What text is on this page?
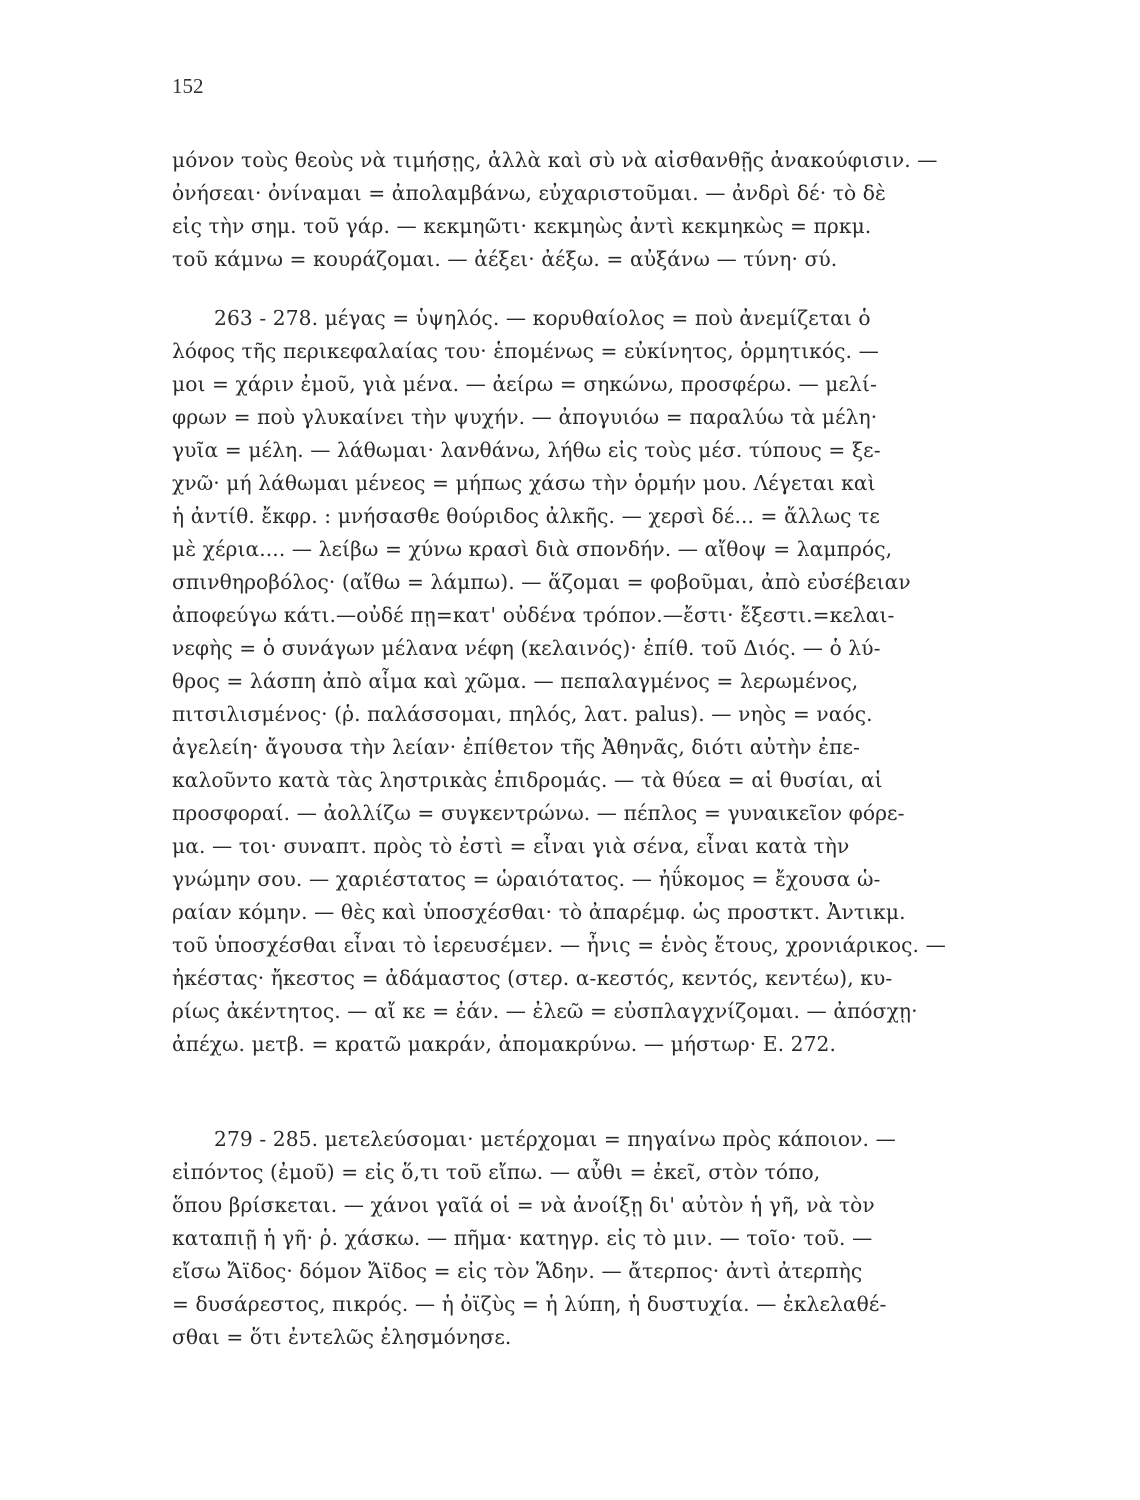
152
μόνον τοὺς θεοὺς νὰ τιμήσῃς, ἀλλὰ καὶ σὺ νὰ αἰσθανθῇς ἀνακούφισιν. —
ὀνήσεαι· ὀνίναμαι = ἀπολαμβάνω, εὐχαριστοῦμαι. — ἀνδρὶ δέ· τὸ δὲ
εἰς τὴν σημ. τοῦ γάρ. — κεκμηῶτι· κεκμηὼς ἀντὶ κεκμηκὼς = πρκμ.
τοῦ κάμνω = κουράζομαι. — ἀέξει· ἀέξω. = αὐξάνω — τύνη· σύ.
263 - 278. μέγας = ὑψηλός. — κορυθαίολος = ποὺ ἀνεμίζεται ὁ
λόφος τῆς περικεφαλαίας του· ἑπομένως = εὐκίνητος, ὁρμητικός. —
μοι = χάριν ἐμοῦ, γιὰ μένα. — ἀείρω = σηκώνω, προσφέρω. — μελί-
φρων = ποὺ γλυκαίνει τὴν ψυχήν. — ἀπογυιόω = παραλύω τὰ μέλη·
γυῖα = μέλη. — λάθωμαι· λανθάνω, λήθω εἰς τοὺς μέσ. τύπους = ξε-
χνῶ· μή λάθωμαι μένεος = μήπως χάσω τὴν ὁρμήν μου. Λέγεται καὶ
ἡ ἀντίθ. ἔκφρ. : μνήσασθε θούριδος ἀλκῆς. — χερσὶ δέ... = ἄλλως τε
μὲ χέρια.... — λείβω = χύνω κρασὶ διὰ σπονδήν. — αἴθοψ = λαμπρός,
σπινθηροβόλος· (αἴθω = λάμπω). — ἅζομαι = φοβοῦμαι, ἀπὸ εὐσέβειαν
ἀποφεύγω κάτι.—οὐδέ πῃ=κατ' οὐδένα τρόπον.—ἔστι· ἔξεστι.=κελαι-
νεφὴς = ὁ συνάγων μέλανα νέφη (κελαινός)· ἐπίθ. τοῦ Διός. — ὁ λύ-
θρος = λάσπη ἀπὸ αἷμα καὶ χῶμα. — πεπαλαγμένος = λερωμένος,
πιτσιλισμένος· (ῥ. παλάσσομαι, πηλός, λατ. palus). — νηὸς = ναός.
ἀγελείη· ἄγουσα τὴν λείαν· ἐπίθετον τῆς Ἀθηνᾶς, διότι αὐτὴν ἐπε-
καλοῦντο κατὰ τὰς ληστρικὰς ἐπιδρομάς. — τὰ θύεα = αἱ θυσίαι, αἱ
προσφοραί. — ἀολλίζω = συγκεντρώνω. — πέπλος = γυναικεῖον φόρε-
μα. — τοι· συναπτ. πρὸς τὸ ἐστὶ = εἶναι γιὰ σένα, εἶναι κατὰ τὴν
γνώμην σου. — χαριέστατος = ὡραιότατος. — ἠΰκομος = ἔχουσα ὡ-
ραίαν κόμην. — θὲς καὶ ὑποσχέσθαι· τὸ ἀπαρέμφ. ὡς προστκτ. Ἀντικμ.
τοῦ ὑποσχέσθαι εἶναι τὸ ἱερευσέμεν. — ἦνις = ἑνὸς ἔτους, χρονιάρικος. —
ἠκέστας· ἤκεστος = ἀδάμαστος (στερ. α-κεστός, κεντός, κεντέω), κυ-
ρίως ἀκέντητος. — αἴ κε = ἐάν. — ἐλεῶ = εὐσπλαγχνίζομαι. — ἀπόσχῃ·
ἀπέχω. μετβ. = κρατῶ μακράν, ἀπομακρύνω. — μήστωρ· Ε. 272.
279 - 285. μετελεύσομαι· μετέρχομαι = πηγαίνω πρὸς κάποιον. —
εἰπόντος (ἐμοῦ) = εἰς ὅ,τι τοῦ εἴπω. — αὖθι = ἐκεῖ, στὸν τόπο,
ὅπου βρίσκεται. — χάνοι γαῖά οἱ = νὰ ἀνοίξῃ δι' αὐτὸν ἡ γῆ, νὰ τὸν
καταπιῇ ἡ γῆ· ῥ. χάσκω. — πῆμα· κατηγρ. εἰς τὸ μιν. — τοῖο· τοῦ. —
εἴσω Ἄϊδος· δόμον Ἄϊδος = εἰς τὸν Ἅδην. — ἄτερπος· ἀντὶ ἀτερπὴς
= δυσάρεστος, πικρός. — ἡ ὀϊζὺς = ἡ λύπη, ἡ δυστυχία. — ἐκλελαθέ-
σθαι = ὅτι ἐντελῶς ἐλησμόνησε.
